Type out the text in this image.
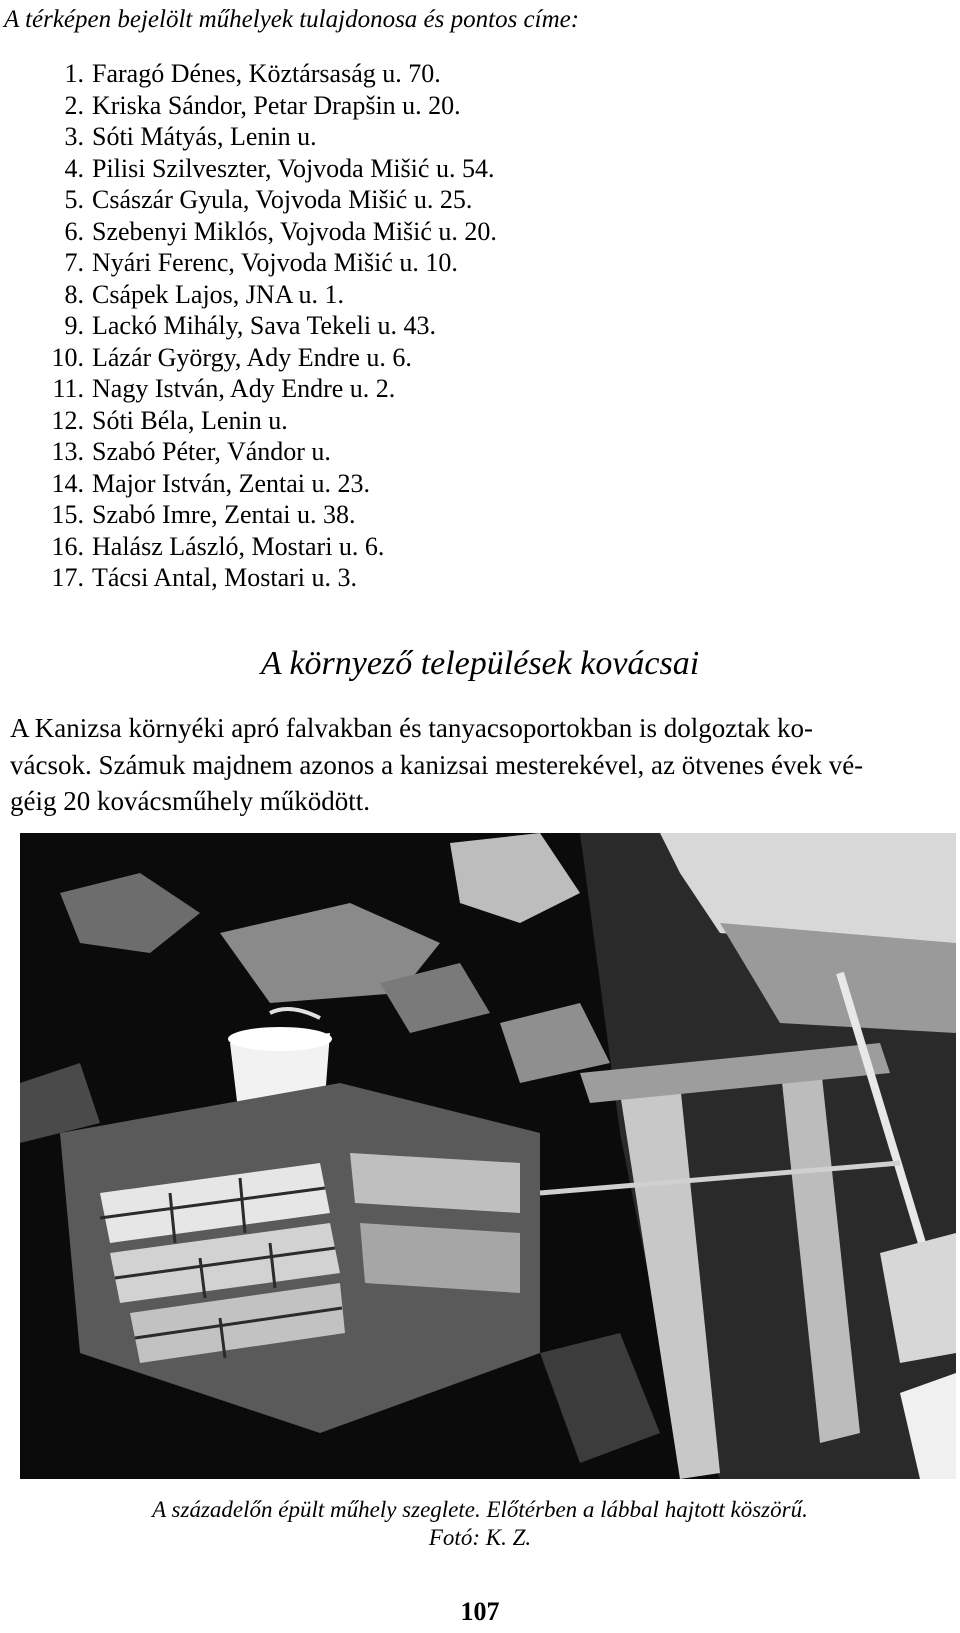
A térképen bejelölt műhelyek tulajdonosa és pontos címe:
1. Faragó Dénes, Köztársaság u. 70.
2. Kriska Sándor, Petar Drapšin u. 20.
3. Sóti Mátyás, Lenin u.
4. Pilisi Szilveszter, Vojvoda Mišić u. 54.
5. Császár Gyula, Vojvoda Mišić u. 25.
6. Szebenyi Miklós, Vojvoda Mišić u. 20.
7. Nyári Ferenc, Vojvoda Mišić u. 10.
8. Csápek Lajos, JNA u. 1.
9. Lackó Mihály, Sava Tekeli u. 43.
10. Lázár György, Ady Endre u. 6.
11. Nagy István, Ady Endre u. 2.
12. Sóti Béla, Lenin u.
13. Szabó Péter, Vándor u.
14. Major István, Zentai u. 23.
15. Szabó Imre, Zentai u. 38.
16. Halász László, Mostari u. 6.
17. Tácsi Antal, Mostari u. 3.
A környező települések kovácsai
A Kanizsa környéki apró falvakban és tanyacsoportokban is dolgoztak ko-
vácsok. Számuk majdnem azonos a kanizsai mesterekével, az ötvenes évek vé-
géig 20 kovácsműhely működött.
A századelőn épült műhely szeglete. Előtérben a lábbal hajtott köszörű.
Fotó: K. Z.
107
